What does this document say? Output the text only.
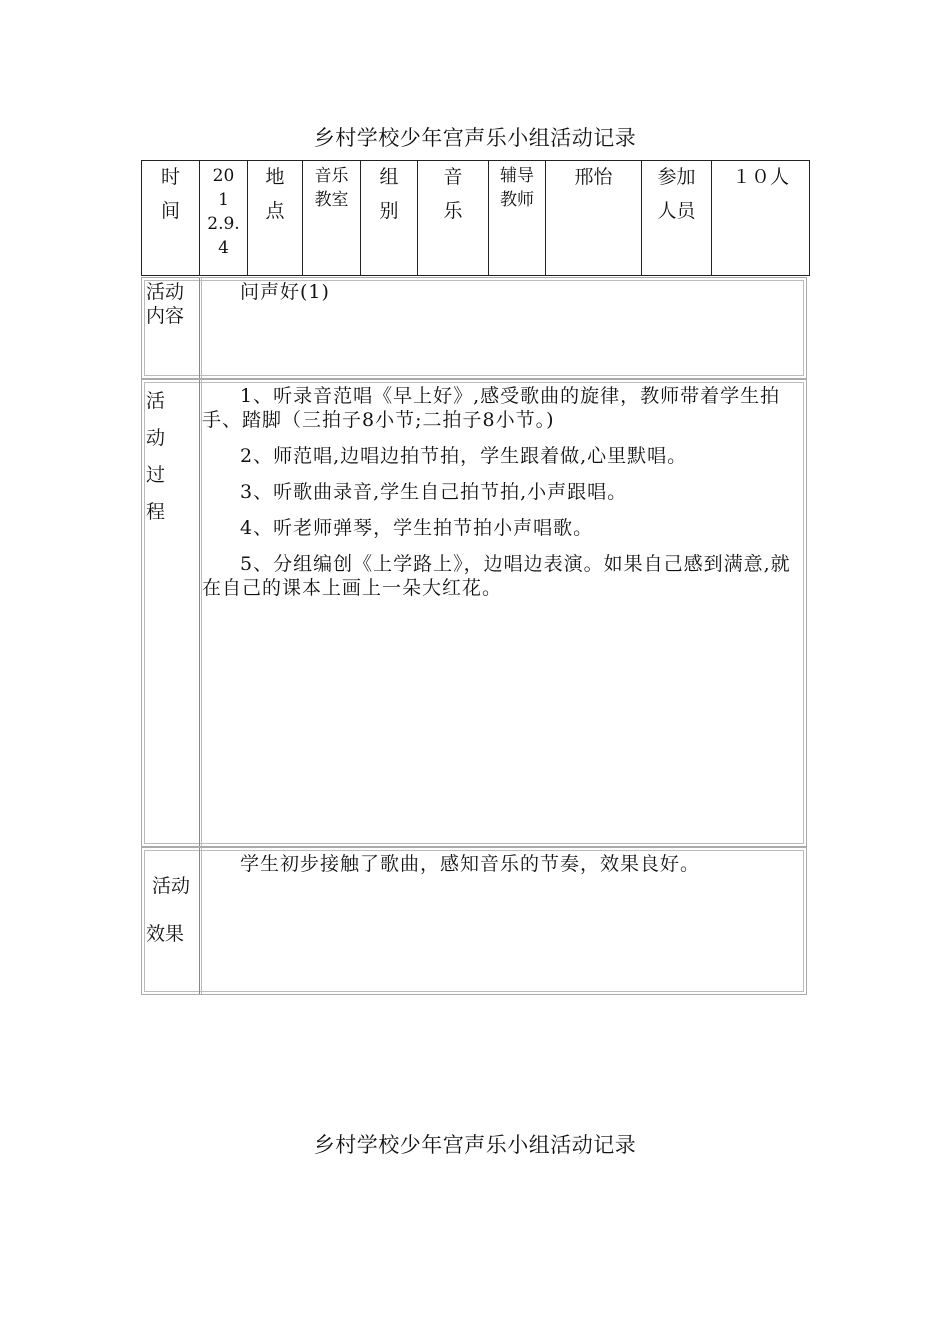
乡村学校少年宫声乐小组活动记录
时
间
20
1
2.9.
4
地
点
音乐
教室
组
别
音
乐
辅导
教师
邢怡	参加
人员
１０人
活动
内容
问声好(1)
活
动
过
程

1、听录音范唱《早上好》,感受歌曲的旋律，教师带着学生拍手、踏脚（三拍子8小节;二拍子8小节。)

2、师范唱,边唱边拍节拍，学生跟着做,心里默唱。

3、听歌曲录音,学生自己拍节拍,小声跟唱。

4、听老师弹琴，学生拍节拍小声唱歌。

5、分组编创《上学路上》，边唱边表演。如果自己感到满意,就在自己的课本上画上一朵大红花。

活动
效果
学生初步接触了歌曲，感知音乐的节奏，效果良好。
乡村学校少年宫声乐小组活动记录
